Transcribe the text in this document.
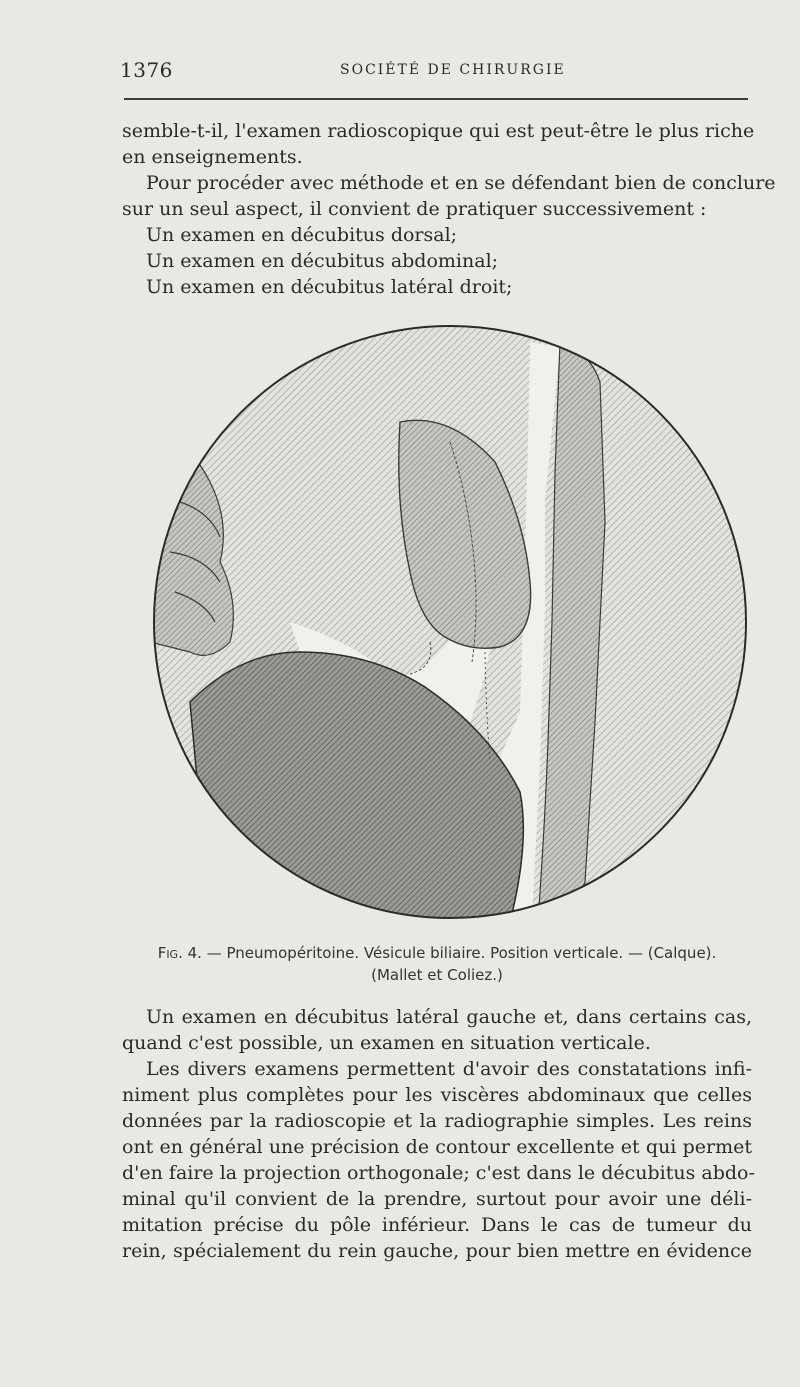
1376	SOCIÉTÉ DE CHIRURGIE
semble-t-il, l'examen radioscopique qui est peut-être le plus riche
en enseignements.
Pour procéder avec méthode et en se défendant bien de conclure
sur un seul aspect, il convient de pratiquer successivement :
Un examen en décubitus dorsal;
Un examen en décubitus abdominal;
Un examen en décubitus latéral droit;
Fig. 4. — Pneumopéritoine. Vésicule biliaire. Position verticale. — (Calque).
(Mallet et Coliez.)
Un examen en décubitus latéral gauche et, dans certains cas,
quand c'est possible, un examen en situation verticale.
Les divers examens permettent d'avoir des constatations infi-
niment plus complètes pour les viscères abdominaux que celles
données par la radioscopie et la radiographie simples. Les reins
ont en général une précision de contour excellente et qui permet
d'en faire la projection orthogonale; c'est dans le décubitus abdo-
minal qu'il convient de la prendre, surtout pour avoir une déli-
mitation précise du pôle inférieur. Dans le cas de tumeur du
rein, spécialement du rein gauche, pour bien mettre en évidence
